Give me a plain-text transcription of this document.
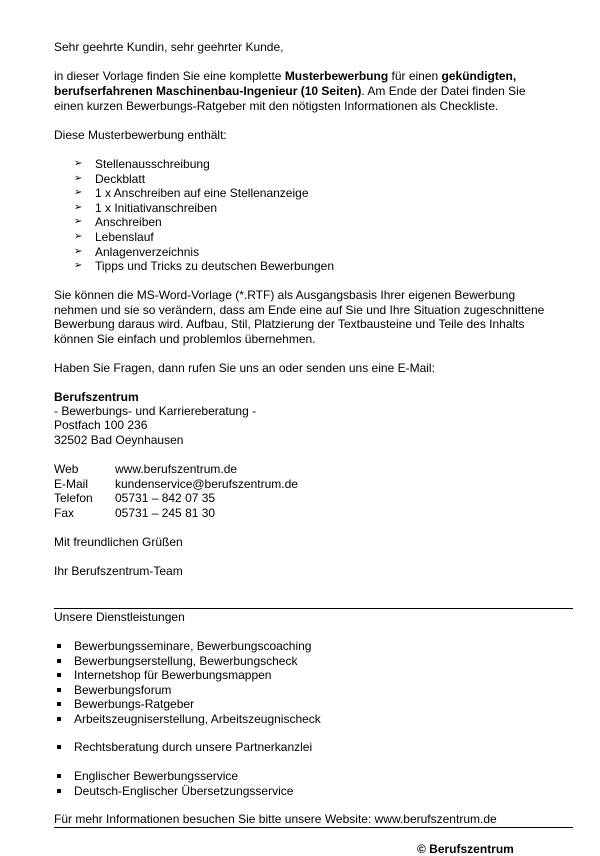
Sehr geehrte Kundin, sehr geehrter Kunde,

in dieser Vorlage finden Sie eine komplette Musterbewerbung für einen gekündigten,
berufserfahrenen Maschinenbau-Ingenieur (10 Seiten). Am Ende der Datei finden Sie

einen kurzen Bewerbungs-Ratgeber mit den nötigsten Informationen als Checkliste.

Diese Musterbewerbung enthält:

➢ Stellenausschreibung
➢ Deckblatt
➢ 1 x Anschreiben auf eine Stellenanzeige
➢ 1 x Initiativanschreiben
➢ Anschreiben
➢ Lebenslauf
➢ Anlagenverzeichnis
➢ Tipps und Tricks zu deutschen Bewerbungen

Sie können die MS-Word-Vorlage (*.RTF) als Ausgangsbasis Ihrer eigenen Bewerbung

nehmen und sie so verändern, dass am Ende eine auf Sie und Ihre Situation zugeschnittene

Bewerbung daraus wird. Aufbau, Stil, Platzierung der Textbausteine und Teile des Inhalts

können Sie einfach und problemlos übernehmen.

Haben Sie Fragen, dann rufen Sie uns an oder senden uns eine E-Mail:

Berufszentrum

- Bewerbungs- und Karriereberatung -

Postfach 100 236

32502 Bad Oeynhausen

Web	www.berufszentrum.de
E-Mail	kundenservice@berufszentrum.de
Telefon	05731 – 842 07 35
Fax	05731 – 245 81 30

Mit freundlichen Grüßen

Ihr Berufszentrum-Team

Unsere Dienstleistungen

Bewerbungsseminare, Bewerbungscoaching
Bewerbungserstellung, Bewerbungscheck
Internetshop für Bewerbungsmappen
Bewerbungsforum
Bewerbungs-Ratgeber
Arbeitszeugniserstellung, Arbeitszeugnischeck
Rechtsberatung durch unsere Partnerkanzlei
Englischer Bewerbungsservice
Deutsch-Englischer Übersetzungsservice

Für mehr Informationen besuchen Sie bitte unsere Website: www.berufszentrum.de

© Berufszentrum
